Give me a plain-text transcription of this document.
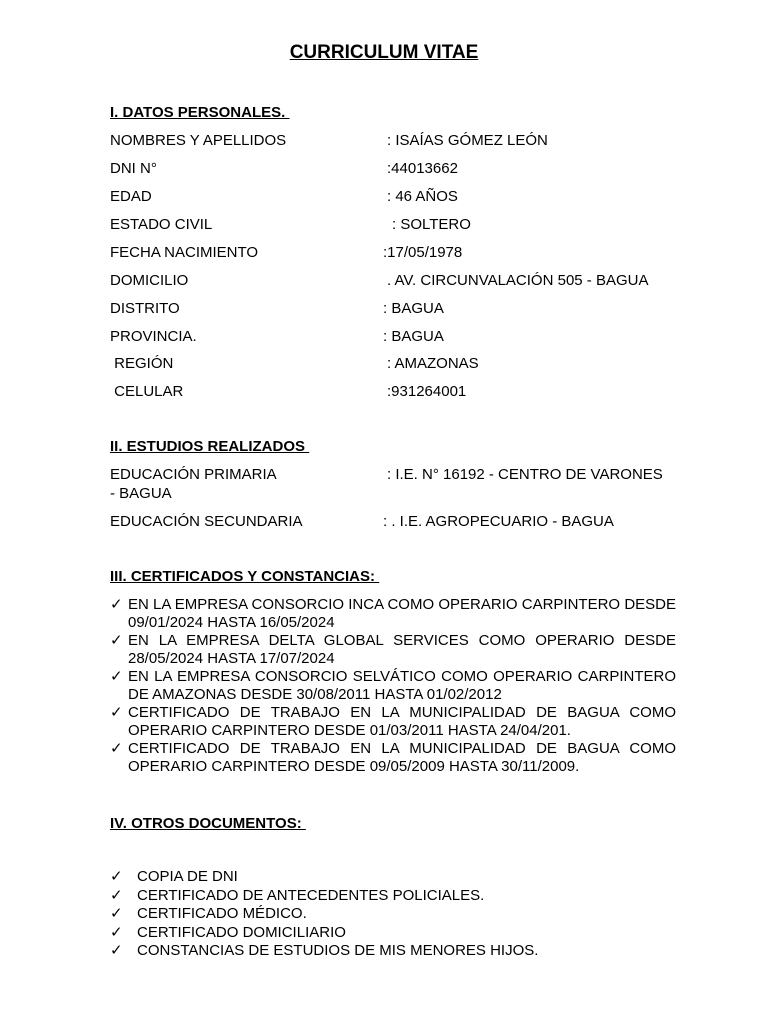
CURRICULUM VITAE
I. DATOS PERSONALES.
NOMBRES Y APELLIDOS	: ISAÍAS GÓMEZ LEÓN
DNI N°	:44013662
EDAD	: 46 AÑOS
ESTADO CIVIL	: SOLTERO
FECHA NACIMIENTO	:17/05/1978
DOMICILIO	. AV. CIRCUNVALACIÓN 505 - BAGUA
DISTRITO	: BAGUA
PROVINCIA.	: BAGUA
REGIÓN	: AMAZONAS
CELULAR	:931264001
II. ESTUDIOS REALIZADOS
EDUCACIÓN PRIMARIA	: I.E. N° 16192 - CENTRO DE VARONES
- BAGUA
EDUCACIÓN SECUNDARIA	: . I.E. AGROPECUARIO - BAGUA
III. CERTIFICADOS Y CONSTANCIAS:
✓ EN LA EMPRESA CONSORCIO INCA COMO OPERARIO CARPINTERO DESDE 09/01/2024 HASTA 16/05/2024
✓ EN LA EMPRESA DELTA GLOBAL SERVICES COMO OPERARIO DESDE 28/05/2024 HASTA 17/07/2024
✓ EN LA EMPRESA CONSORCIO SELVÁTICO COMO OPERARIO CARPINTERO DE AMAZONAS DESDE 30/08/2011 HASTA 01/02/2012
✓ CERTIFICADO DE TRABAJO EN LA MUNICIPALIDAD DE BAGUA COMO OPERARIO CARPINTERO DESDE 01/03/2011 HASTA 24/04/201.
✓ CERTIFICADO DE TRABAJO EN LA MUNICIPALIDAD DE BAGUA COMO OPERARIO CARPINTERO DESDE 09/05/2009 HASTA 30/11/2009.
IV. OTROS DOCUMENTOS:
✓ COPIA DE DNI
✓ CERTIFICADO DE ANTECEDENTES POLICIALES.
✓ CERTIFICADO MÉDICO.
✓ CERTIFICADO DOMICILIARIO
✓ CONSTANCIAS DE ESTUDIOS DE MIS MENORES HIJOS.
